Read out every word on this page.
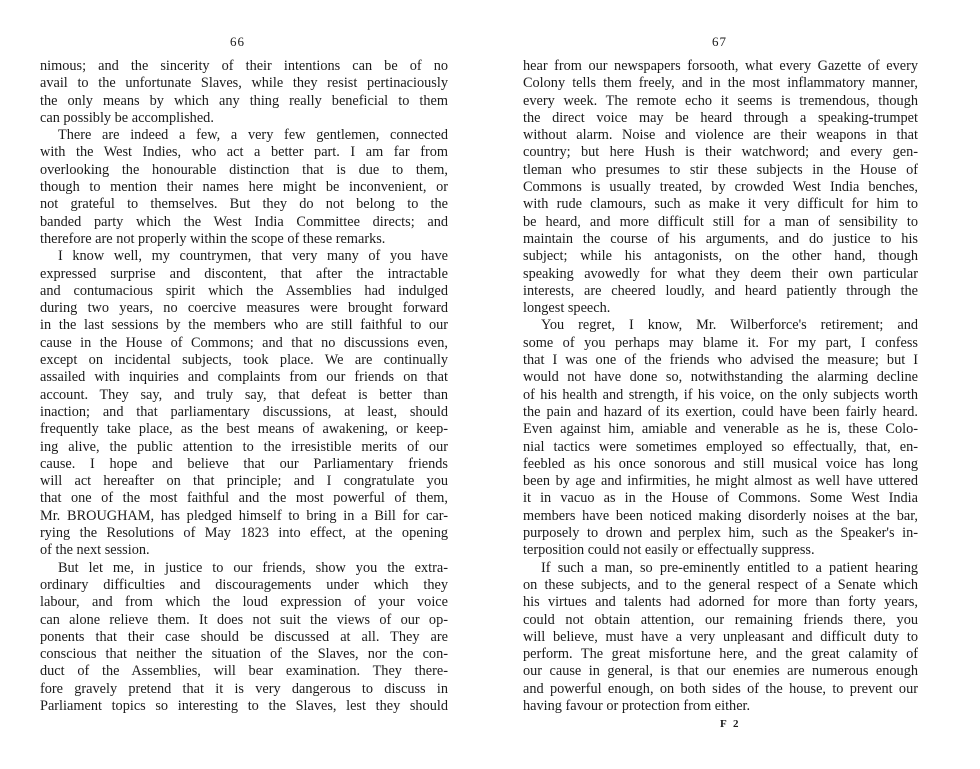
66
nimous; and the sincerity of their intentions can be of no
avail to the unfortunate Slaves, while they resist pertinaciously
the only means by which any thing really beneficial to them
can possibly be accomplished.
There are indeed a few, a very few gentlemen, connected
with the West Indies, who act a better part. I am far from
overlooking the honourable distinction that is due to them,
though to mention their names here might be inconvenient, or
not grateful to themselves. But they do not belong to the
banded party which the West India Committee directs; and
therefore are not properly within the scope of these remarks.
I know well, my countrymen, that very many of you have
expressed surprise and discontent, that after the intractable
and contumacious spirit which the Assemblies had indulged
during two years, no coercive measures were brought forward
in the last sessions by the members who are still faithful to our
cause in the House of Commons; and that no discussions even,
except on incidental subjects, took place. We are continually
assailed with inquiries and complaints from our friends on that
account. They say, and truly say, that defeat is better than
inaction; and that parliamentary discussions, at least, should
frequently take place, as the best means of awakening, or keep-
ing alive, the public attention to the irresistible merits of our
cause. I hope and believe that our Parliamentary friends
will act hereafter on that principle; and I congratulate you
that one of the most faithful and the most powerful of them,
Mr. BROUGHAM, has pledged himself to bring in a Bill for car-
rying the Resolutions of May 1823 into effect, at the opening
of the next session.
But let me, in justice to our friends, show you the extra-
ordinary difficulties and discouragements under which they
labour, and from which the loud expression of your voice
can alone relieve them. It does not suit the views of our op-
ponents that their case should be discussed at all. They are
conscious that neither the situation of the Slaves, nor the con-
duct of the Assemblies, will bear examination. They there-
fore gravely pretend that it is very dangerous to discuss in
Parliament topics so interesting to the Slaves, lest they should
67
hear from our newspapers forsooth, what every Gazette of every
Colony tells them freely, and in the most inflammatory manner,
every week. The remote echo it seems is tremendous, though
the direct voice may be heard through a speaking-trumpet
without alarm. Noise and violence are their weapons in that
country; but here Hush is their watchword; and every gen-
tleman who presumes to stir these subjects in the House of
Commons is usually treated, by crowded West India benches,
with rude clamours, such as make it very difficult for him to
be heard, and more difficult still for a man of sensibility to
maintain the course of his arguments, and do justice to his
subject; while his antagonists, on the other hand, though
speaking avowedly for what they deem their own particular
interests, are cheered loudly, and heard patiently through the
longest speech.
You regret, I know, Mr. Wilberforce's retirement; and
some of you perhaps may blame it. For my part, I confess
that I was one of the friends who advised the measure; but I
would not have done so, notwithstanding the alarming decline
of his health and strength, if his voice, on the only subjects worth
the pain and hazard of its exertion, could have been fairly heard.
Even against him, amiable and venerable as he is, these Colo-
nial tactics were sometimes employed so effectually, that, en-
feebled as his once sonorous and still musical voice has long
been by age and infirmities, he might almost as well have uttered
it in vacuo as in the House of Commons. Some West India
members have been noticed making disorderly noises at the bar,
purposely to drown and perplex him, such as the Speaker's in-
terposition could not easily or effectually suppress.
If such a man, so pre-eminently entitled to a patient hearing
on these subjects, and to the general respect of a Senate which
his virtues and talents had adorned for more than forty years,
could not obtain attention, our remaining friends there, you
will believe, must have a very unpleasant and difficult duty to
perform. The great misfortune here, and the great calamity of
our cause in general, is that our enemies are numerous enough
and powerful enough, on both sides of the house, to prevent our
having favour or protection from either.
F 2
